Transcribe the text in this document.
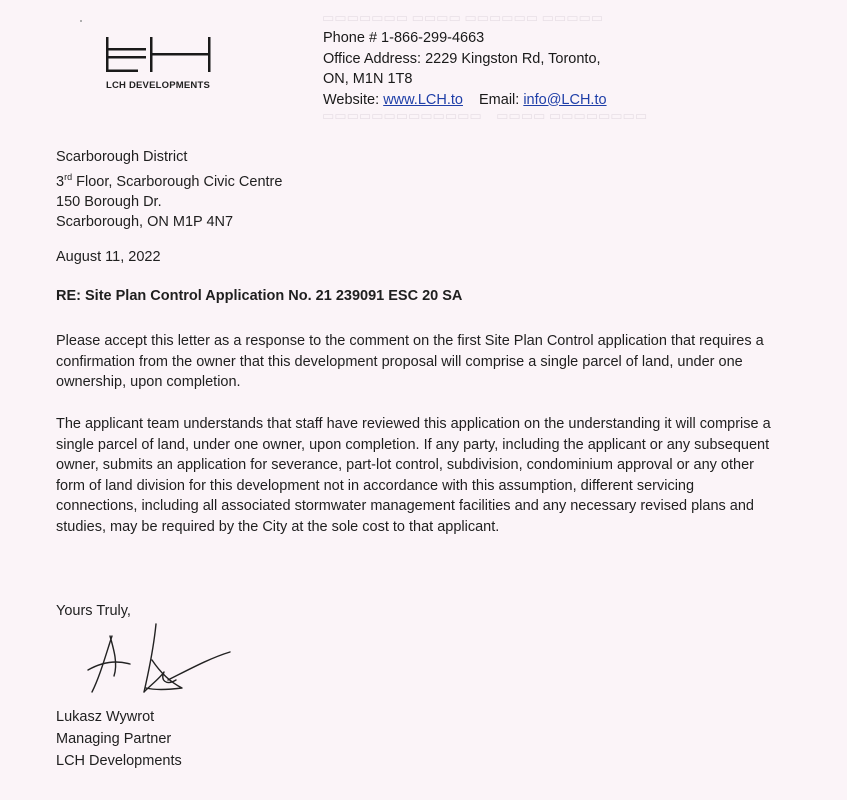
▭▭▭▭▭▭▭ ▭▭▭▭ ▭▭▭▭▭▭ ▭▭▭▭▭
▭▭▭▭▭▭▭▭▭▭▭▭▭    ▭▭▭▭ ▭▭▭▭▭▭▭▭
LCH DEVELOPMENTS
Phone # 1-866-299-4663
Office Address: 2229 Kingston Rd, Toronto,
ON, M1N 1T8
Website: www.LCH.to Email: info@LCH.to
Scarborough District
3rd Floor, Scarborough Civic Centre
150 Borough Dr.
Scarborough, ON M1P 4N7
August 11, 2022
RE: Site Plan Control Application No. 21 239091 ESC 20 SA

Please accept this letter as a response to the comment on the first Site Plan Control application that requires a confirmation from the owner that this development proposal will comprise a single parcel of land, under one ownership, upon completion.

The applicant team understands that staff have reviewed this application on the understanding it will comprise a single parcel of land, under one owner, upon completion. If any party, including the applicant or any subsequent owner, submits an application for severance, part-lot control, subdivision, condominium approval or any other form of land division for this development not in accordance with this assumption, different servicing connections, including all associated stormwater management facilities and any necessary revised plans and studies, may be required by the City at the sole cost to that applicant.

Yours Truly,
Lukasz Wywrot
Managing Partner
LCH Developments
